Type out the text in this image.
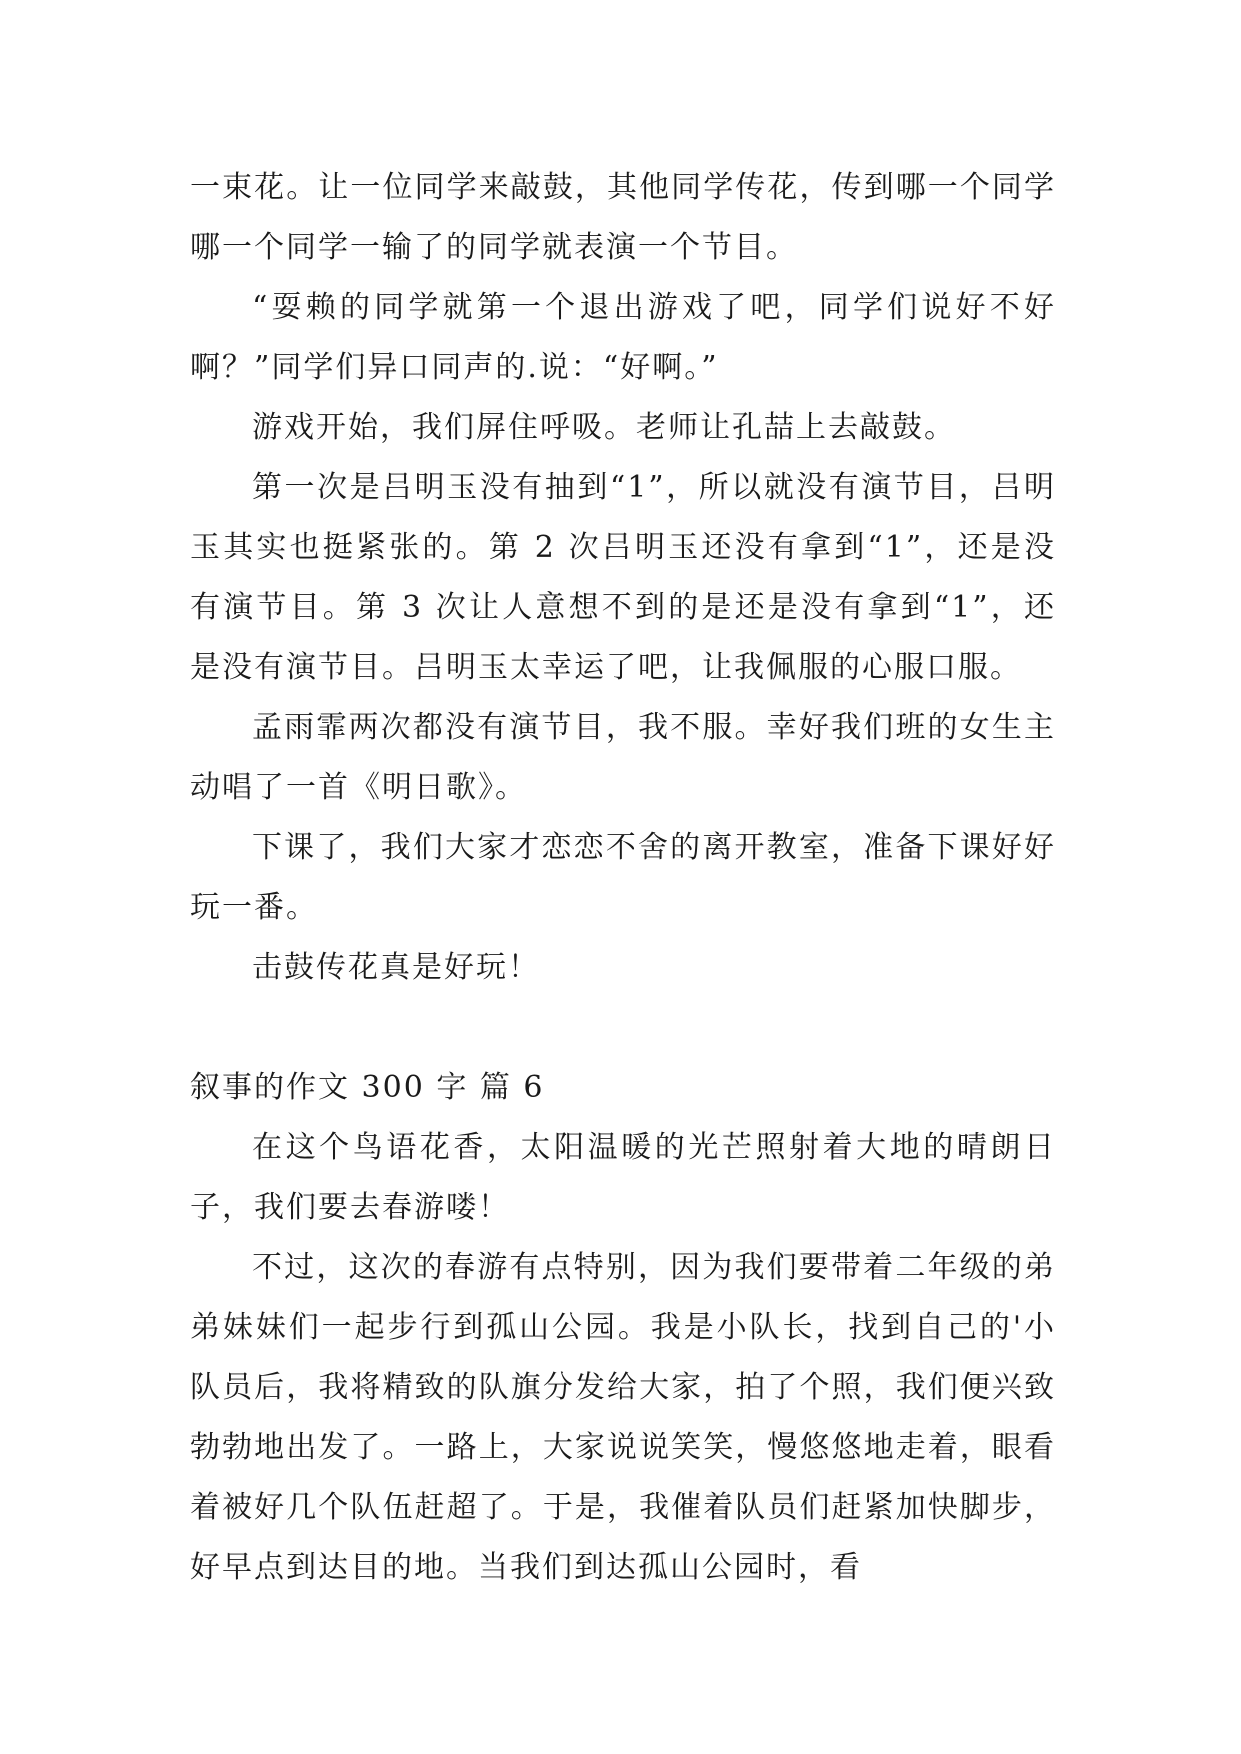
一束花。让一位同学来敲鼓，其他同学传花，传到哪一个同学哪一个同学一输了的同学就表演一个节目。

“耍赖的同学就第一个退出游戏了吧，同学们说好不好啊？”同学们异口同声的.说：“好啊。”

游戏开始，我们屏住呼吸。老师让孔喆上去敲鼓。

第一次是吕明玉没有抽到“1”，所以就没有演节目，吕明玉其实也挺紧张的。第 2 次吕明玉还没有拿到“1”，还是没有演节目。第 3 次让人意想不到的是还是没有拿到“1”，还是没有演节目。吕明玉太幸运了吧，让我佩服的心服口服。

孟雨霏两次都没有演节目，我不服。幸好我们班的女生主动唱了一首《明日歌》。

下课了，我们大家才恋恋不舍的离开教室，准备下课好好玩一番。

击鼓传花真是好玩！

叙事的作文 300 字 篇 6

在这个鸟语花香，太阳温暖的光芒照射着大地的晴朗日子，我们要去春游喽！

不过，这次的春游有点特别，因为我们要带着二年级的弟弟妹妹们一起步行到孤山公园。我是小队长，找到自己的'小队员后，我将精致的队旗分发给大家，拍了个照，我们便兴致勃勃地出发了。一路上，大家说说笑笑，慢悠悠地走着，眼看着被好几个队伍赶超了。于是，我催着队员们赶紧加快脚步，好早点到达目的地。当我们到达孤山公园时，看
